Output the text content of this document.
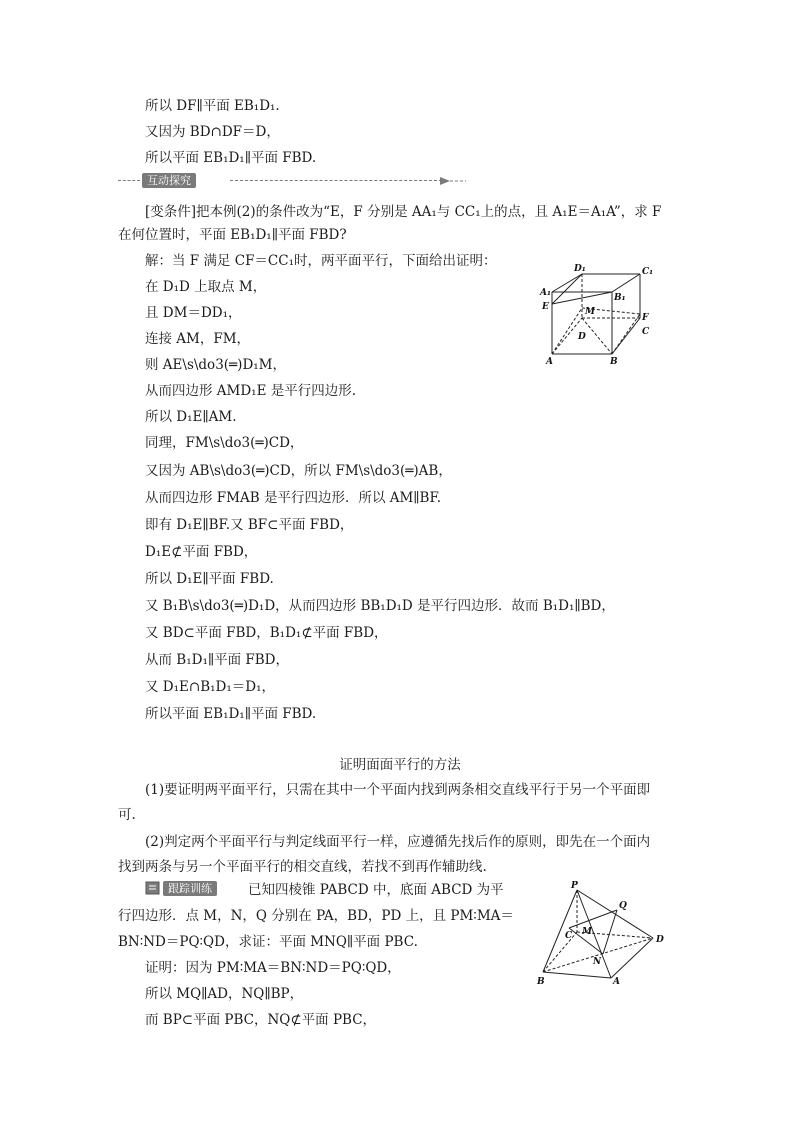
所以 DF∥平面 EB₁D₁.
又因为 BD∩DF＝D，
所以平面 EB₁D₁∥平面 FBD.
互动探究
[变条件]把本例(2)的条件改为“E，F 分别是 AA₁与 CC₁上的点，且 A₁E＝A₁A”，求 F
在何位置时，平面 EB₁D₁∥平面 FBD?
解：当 F 满足 CF＝CC₁时，两平面平行，下面给出证明：
在 D₁D 上取点 M，
且 DM＝DD₁，
连接 AM，FM，
则 AE\s\do3(═)D₁M，
从而四边形 AMD₁E 是平行四边形.
所以 D₁E∥AM.
同理，FM\s\do3(═)CD，
又因为 AB\s\do3(═)CD，所以 FM\s\do3(═)AB，
从而四边形 FMAB 是平行四边形．所以 AM∥BF.
即有 D₁E∥BF.又 BF⊂平面 FBD，
D₁E⊄平面 FBD，
所以 D₁E∥平面 FBD.
又 B₁B\s\do3(═)D₁D，从而四边形 BB₁D₁D 是平行四边形．故而 B₁D₁∥BD，
又 BD⊂平面 FBD，B₁D₁⊄平面 FBD，
从而 B₁D₁∥平面 FBD，
又 D₁E∩B₁D₁＝D₁，
所以平面 EB₁D₁∥平面 FBD.
D₁	C₁
A₁	B₁
E	M
F
C
D
A	B
证明面面平行的方法
(1)要证明两平面平行，只需在其中一个平面内找到两条相交直线平行于另一个平面即
可.
(2)判定两个平面平行与判定线面平行一样，应遵循先找后作的原则，即先在一个面内
找到两条与另一个平面平行的相交直线，若找不到再作辅助线.
跟踪训练	已知四棱锥 PABCD 中，底面 ABCD 为平
行四边形．点 M，N，Q 分别在 PA，BD，PD 上，且 PM∶MA＝
BN∶ND＝PQ∶QD，求证：平面 MNQ∥平面 PBC.
证明：因为 PM∶MA＝BN∶ND＝PQ∶QD，
所以 MQ∥AD，NQ∥BP，
而 BP⊂平面 PBC，NQ⊄平面 PBC，
P
Q
C M
D
N
B	A
